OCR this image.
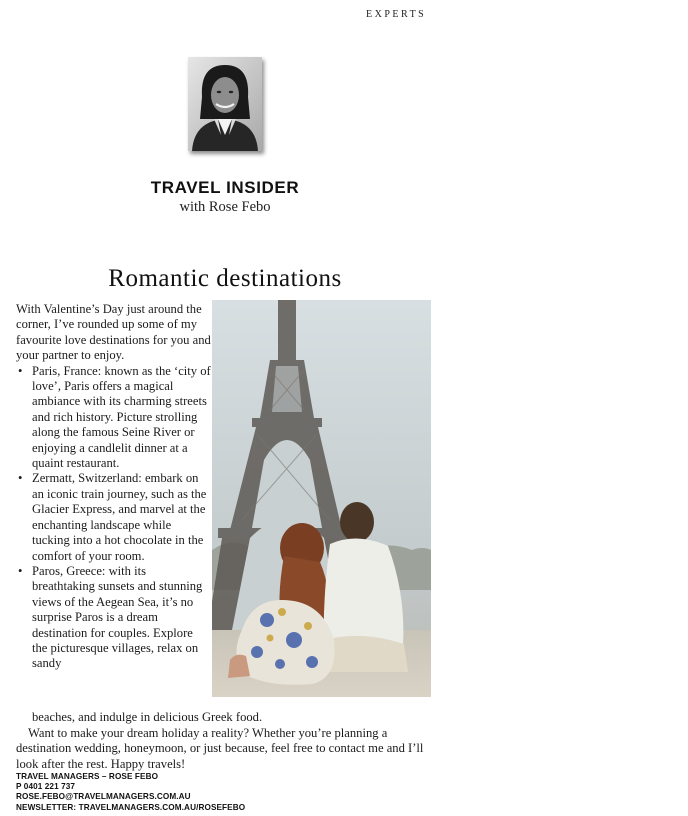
EXPERTS
TRAVEL INSIDER
with Rose Febo
Romantic destinations

With Valentine’s Day just around the corner, I’ve rounded up some of my favourite love destinations for you and your partner to enjoy.

• Paris, France: known as the ‘city of love’, Paris offers a magical ambiance with its charming streets and rich history. Picture strolling along the famous Seine River or enjoying a candlelit dinner at a quaint restaurant.
• Zermatt, Switzerland: embark on an iconic train journey, such as the Glacier Express, and marvel at the enchanting landscape while tucking into a hot chocolate in the comfort of your room.
• Paros, Greece: with its breathtaking sunsets and stunning views of the Aegean Sea, it’s no surprise Paros is a dream destination for couples. Explore the picturesque villages, relax on sandy
beaches, and indulge in delicious Greek food.

Want to make your dream holiday a reality? Whether you’re planning a destination wedding, honeymoon, or just because, feel free to contact me and I’ll look after the rest. Happy travels!

TRAVEL MANAGERS – ROSE FEBO
P 0401 221 737
ROSE.FEBO@TRAVELMANAGERS.COM.AU
NEWSLETTER: TRAVELMANAGERS.COM.AU/ROSEFEBO
